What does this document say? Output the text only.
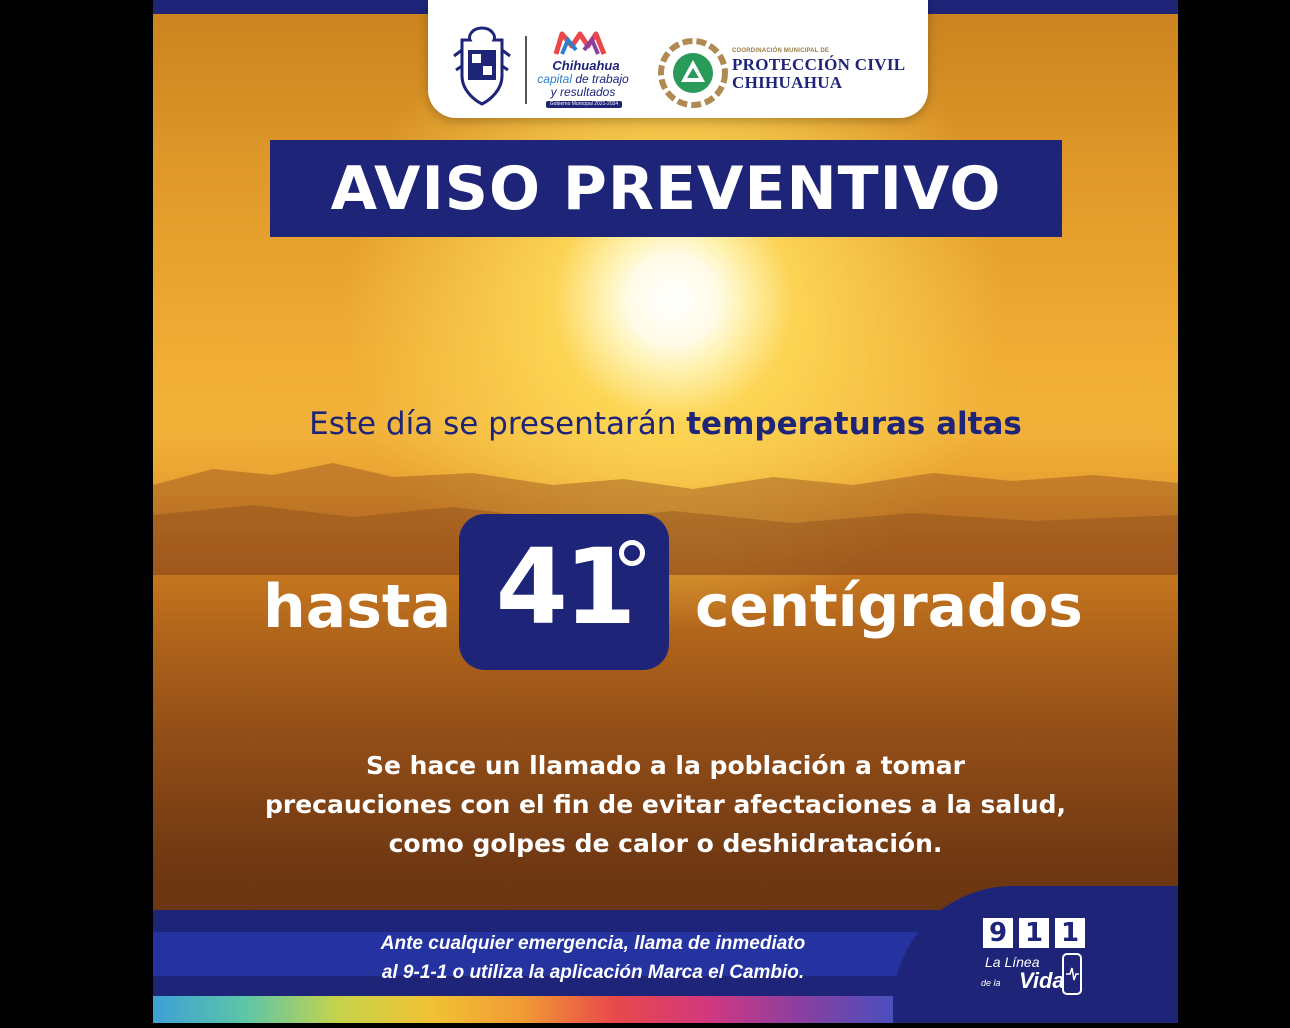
Chihuahua
capital de trabajo
y resultados
Gobierno Municipal 2021-2024
COORDINACIÓN MUNICIPAL DE
PROTECCIÓN CIVIL
CHIHUAHUA
AVISO PREVENTIVO
Este día se presentarán temperaturas altas
hasta 41 centígrados
Se hace un llamado a la población a tomar
precauciones con el fin de evitar afectaciones a la salud,
como golpes de calor o deshidratación.
Ante cualquier emergencia, llama de inmediato
al 9-1-1 o utiliza la aplicación Marca el Cambio.
9 1 1
La Línea
de la Vida
